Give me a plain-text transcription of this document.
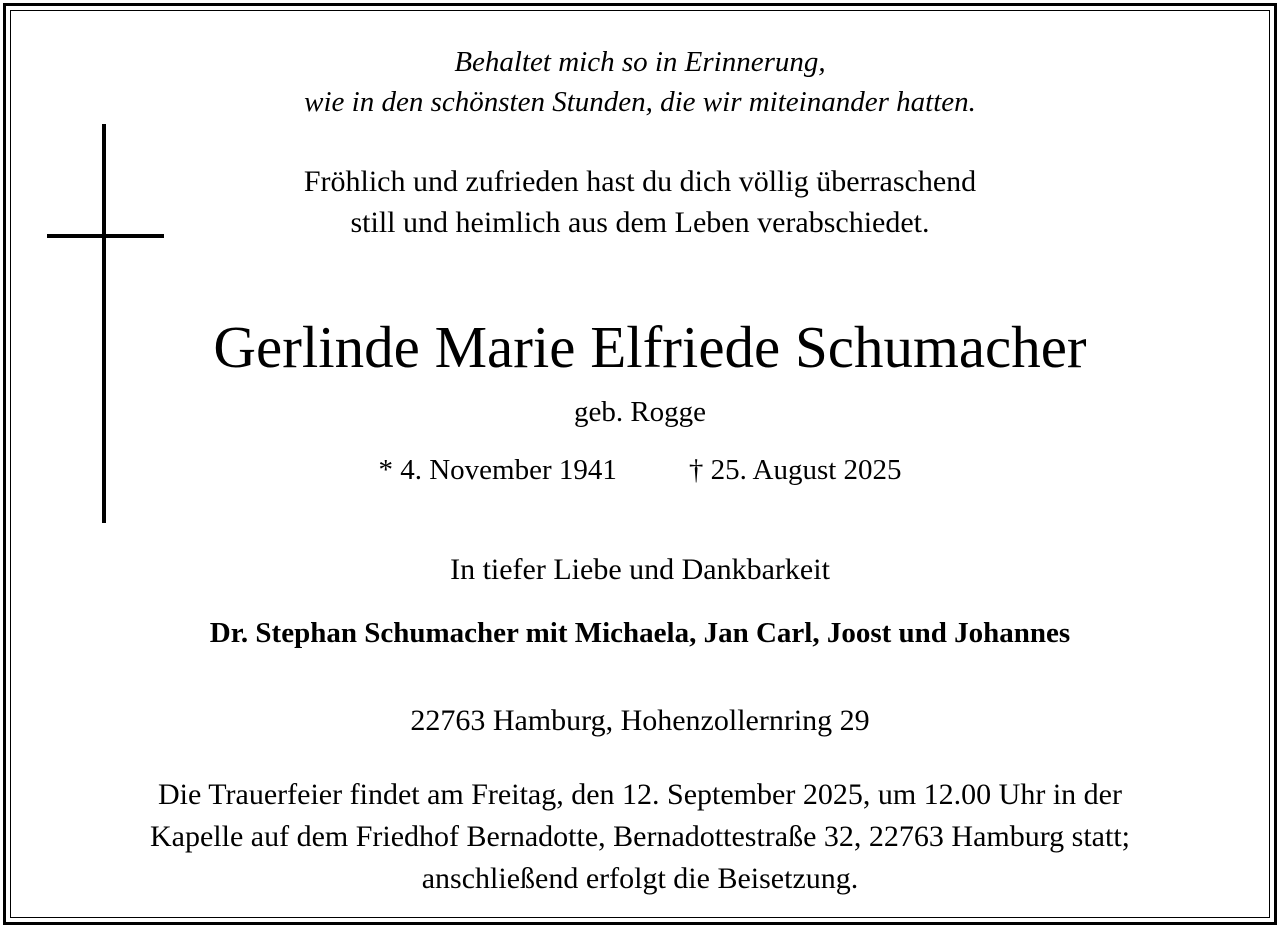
Behaltet mich so in Erinnerung,
wie in den schönsten Stunden, die wir miteinander hatten.
Fröhlich und zufrieden hast du dich völlig überraschend
still und heimlich aus dem Leben verabschiedet.
Gerlinde Marie Elfriede Schumacher
geb. Rogge
* 4. November 1941 † 25. August 2025
In tiefer Liebe und Dankbarkeit
Dr. Stephan Schumacher mit Michaela, Jan Carl, Joost und Johannes
22763 Hamburg, Hohenzollernring 29
Die Trauerfeier findet am Freitag, den 12. September 2025, um 12.00 Uhr in der
Kapelle auf dem Friedhof Bernadotte, Bernadottestraße 32, 22763 Hamburg statt;
anschließend erfolgt die Beisetzung.
